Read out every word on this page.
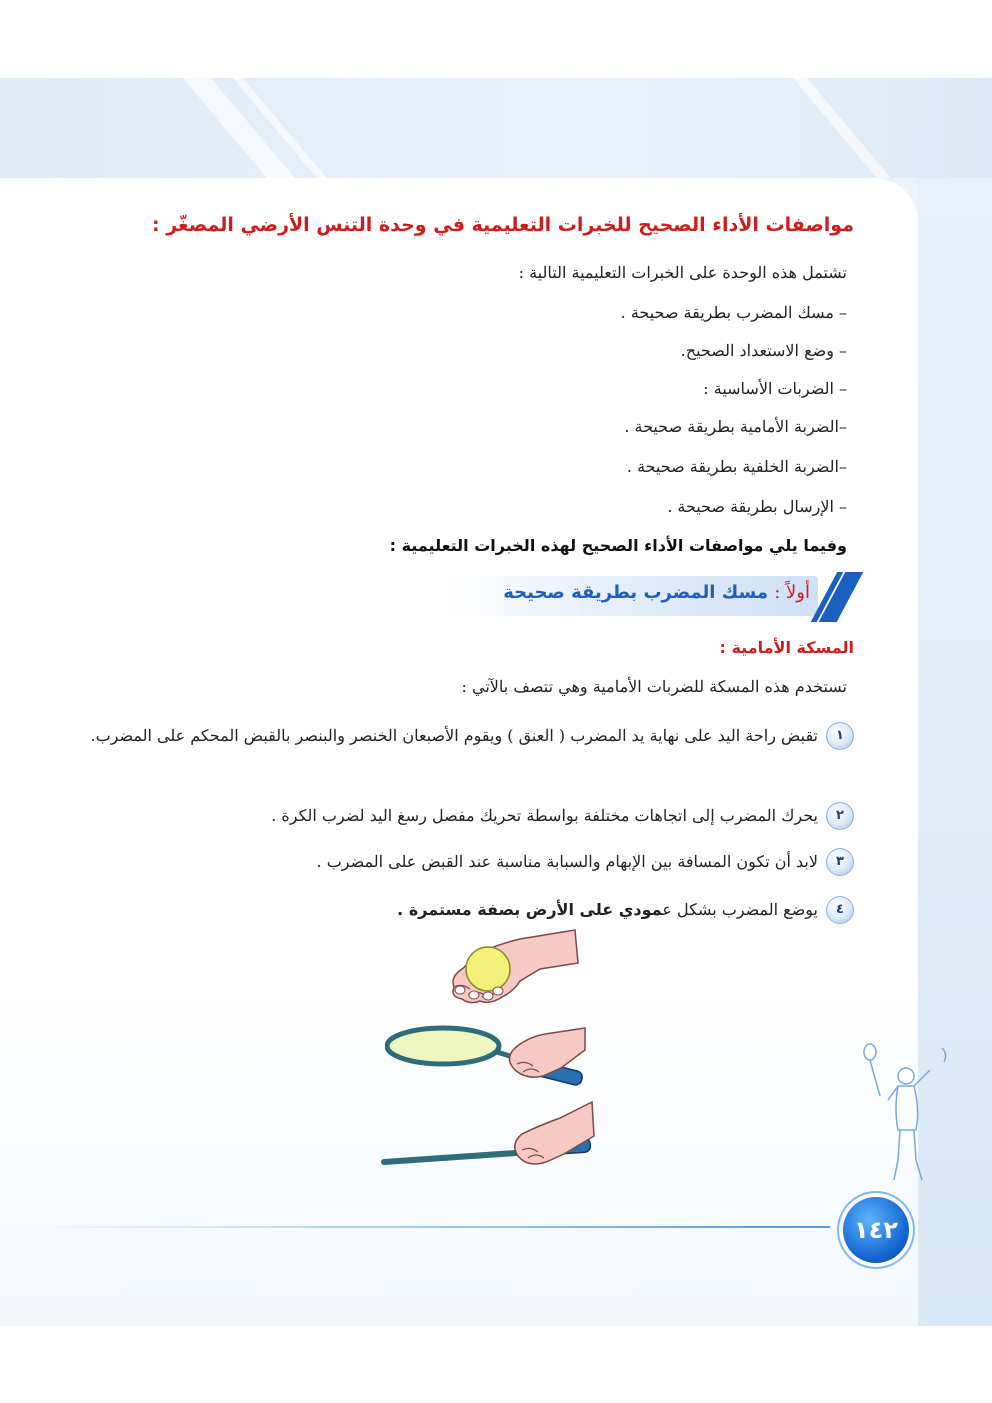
مواصفات الأداء الصحيح للخبرات التعليمية في وحدة التنس الأرضي المصغّر :

تشتمل هذه الوحدة على الخبرات التعليمية التالية :

– مسك المضرب بطريقة صحيحة .

– وضع الاستعداد الصحيح.

– الضربات الأساسية :

–الضربة الأمامية بطريقة صحيحة .

–الضربة الخلفية بطريقة صحيحة .

– الإرسال بطريقة صحيحة .

وفيما يلي مواصفات الأداء الصحيح لهذه الخبرات التعليمية :

أولاً : مسك المضرب بطريقة صحيحة
المسكة الأمامية :

تستخدم هذه المسكة للضربات الأمامية وهي تتصف بالآتي :

١
تقبض راحة اليد على نهاية يد المضرب ( العنق ) ويقوم الأصبعان الخنصر والبنصر بالقبض المحكم على المضرب.
٢
يحرك المضرب إلى اتجاهات مختلفة بواسطة تحريك مفصل رسغ اليد لضرب الكرة .
٣
لابد أن تكون المسافة بين الإبهام والسبابة مناسبة عند القبض على المضرب .
٤
يوضع المضرب بشكل عمودي على الأرض بصفة مستمرة .
١٤٢
